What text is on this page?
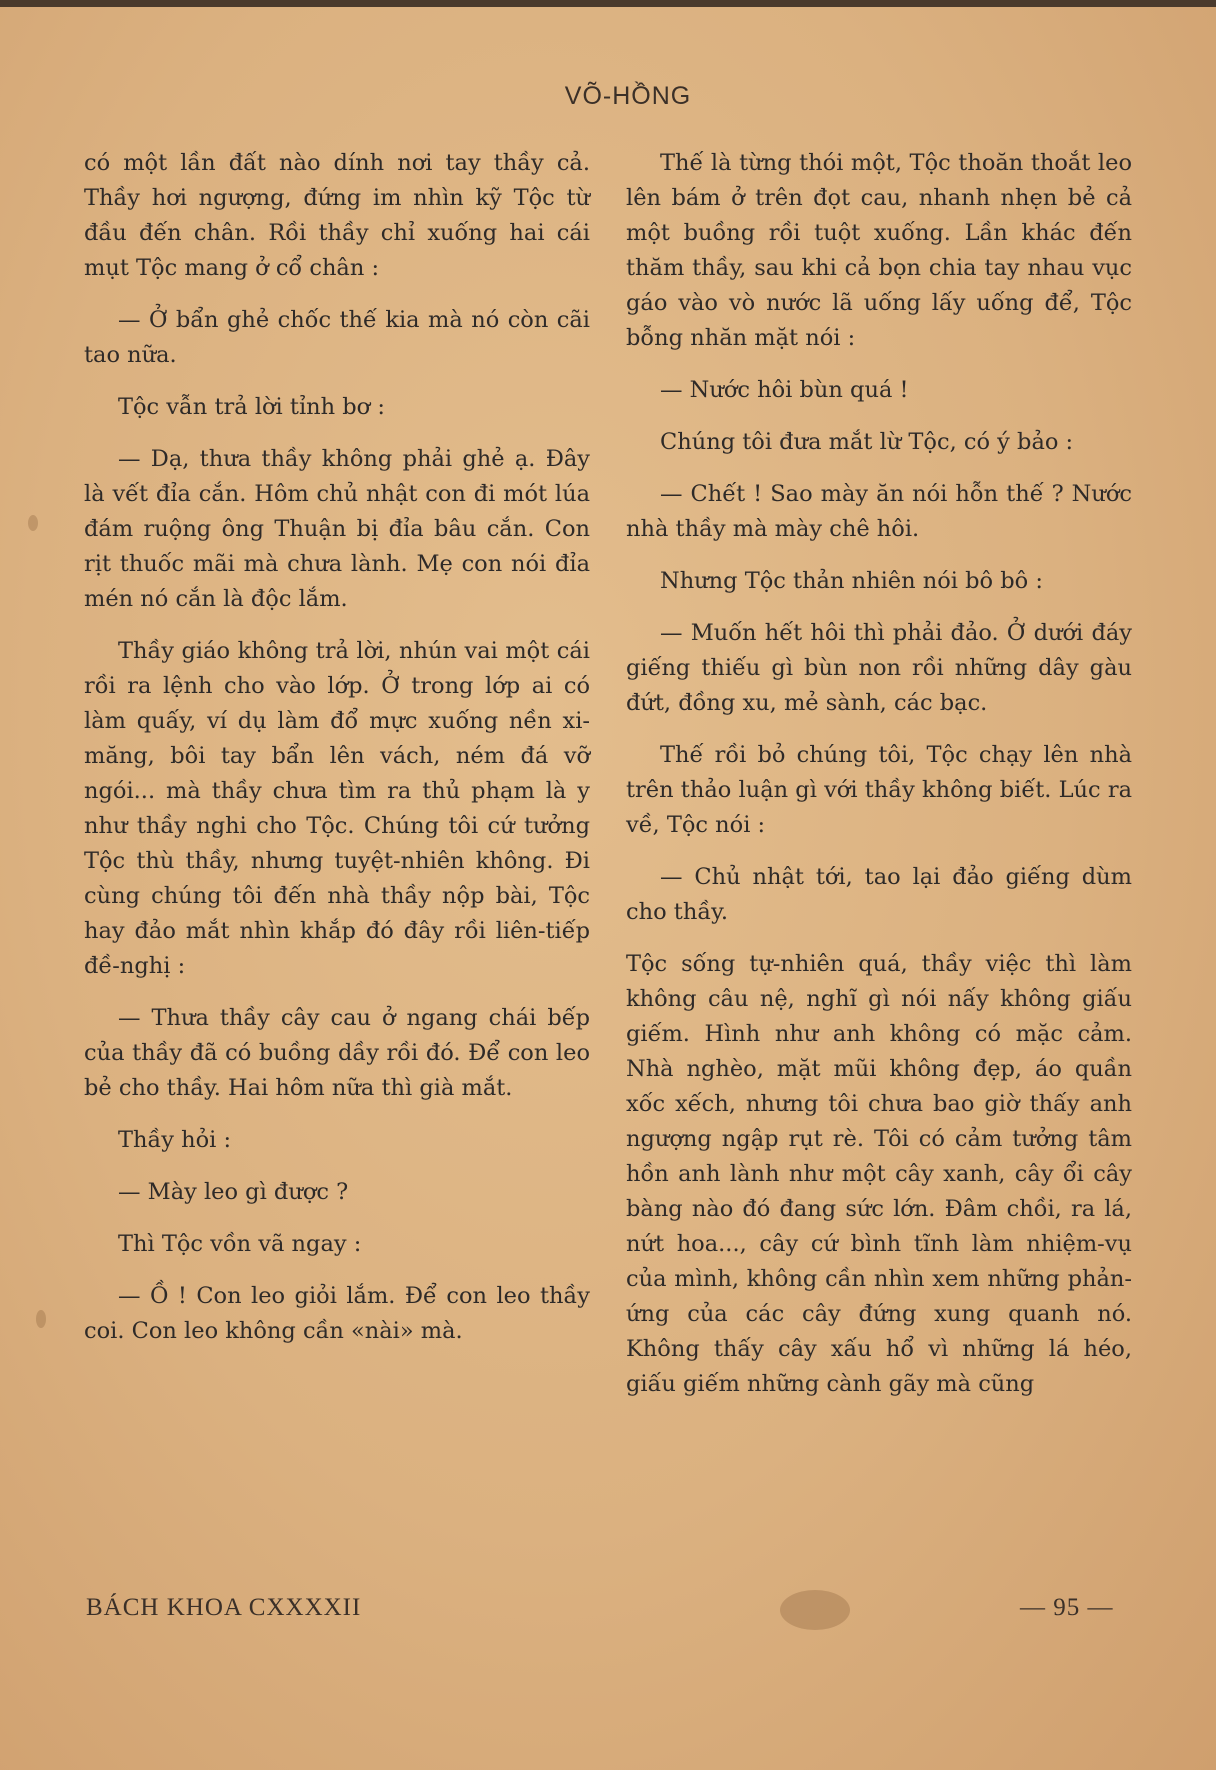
VÕ-HỒNG

có một lần đất nào dính nơi tay thầy cả. Thầy hơi ngượng, đứng im nhìn kỹ Tộc từ đầu đến chân. Rồi thầy chỉ xuống hai cái mụt Tộc mang ở cổ chân :

— Ở bẩn ghẻ chốc thế kia mà nó còn cãi tao nữa.

Tộc vẫn trả lời tỉnh bơ :

— Dạ, thưa thầy không phải ghẻ ạ. Đây là vết đỉa cắn. Hôm chủ nhật con đi mót lúa đám ruộng ông Thuận bị đỉa bâu cắn. Con rịt thuốc mãi mà chưa lành. Mẹ con nói đỉa mén nó cắn là độc lắm.

Thầy giáo không trả lời, nhún vai một cái rồi ra lệnh cho vào lớp. Ở trong lớp ai có làm quấy, ví dụ làm đổ mực xuống nền xi-măng, bôi tay bẩn lên vách, ném đá vỡ ngói... mà thầy chưa tìm ra thủ phạm là y như thầy nghi cho Tộc. Chúng tôi cứ tưởng Tộc thù thầy, nhưng tuyệt-nhiên không. Đi cùng chúng tôi đến nhà thầy nộp bài, Tộc hay đảo mắt nhìn khắp đó đây rồi liên-tiếp đề-nghị :

— Thưa thầy cây cau ở ngang chái bếp của thầy đã có buồng dầy rồi đó. Để con leo bẻ cho thầy. Hai hôm nữa thì già mắt.

Thầy hỏi :

— Mày leo gì được ?

Thì Tộc vồn vã ngay :

— Ồ ! Con leo giỏi lắm. Để con leo thầy coi. Con leo không cần «nài» mà.

Thế là từng thói một, Tộc thoăn thoắt leo lên bám ở trên đọt cau, nhanh nhẹn bẻ cả một buồng rồi tuột xuống. Lần khác đến thăm thầy, sau khi cả bọn chia tay nhau vục gáo vào vò nước lã uống lấy uống để, Tộc bỗng nhăn mặt nói :

— Nước hôi bùn quá !

Chúng tôi đưa mắt lừ Tộc, có ý bảo :

— Chết ! Sao mày ăn nói hỗn thế ? Nước nhà thầy mà mày chê hôi.

Nhưng Tộc thản nhiên nói bô bô :

— Muốn hết hôi thì phải đảo. Ở dưới đáy giếng thiếu gì bùn non rồi những dây gàu đứt, đồng xu, mẻ sành, các bạc.

Thế rồi bỏ chúng tôi, Tộc chạy lên nhà trên thảo luận gì với thầy không biết. Lúc ra về, Tộc nói :

— Chủ nhật tới, tao lại đảo giếng dùm cho thầy.

Tộc sống tự-nhiên quá, thầy việc thì làm không câu nệ, nghĩ gì nói nấy không giấu giếm. Hình như anh không có mặc cảm. Nhà nghèo, mặt mũi không đẹp, áo quần xốc xếch, nhưng tôi chưa bao giờ thấy anh ngượng ngập rụt rè. Tôi có cảm tưởng tâm hồn anh lành như một cây xanh, cây ổi cây bàng nào đó đang sức lớn. Đâm chồi, ra lá, nứt hoa..., cây cứ bình tĩnh làm nhiệm-vụ của mình, không cần nhìn xem những phản-ứng của các cây đứng xung quanh nó. Không thấy cây xấu hổ vì những lá héo, giấu giếm những cành gãy mà cũng

BÁCH KHOA CXXXXII	— 95 —
